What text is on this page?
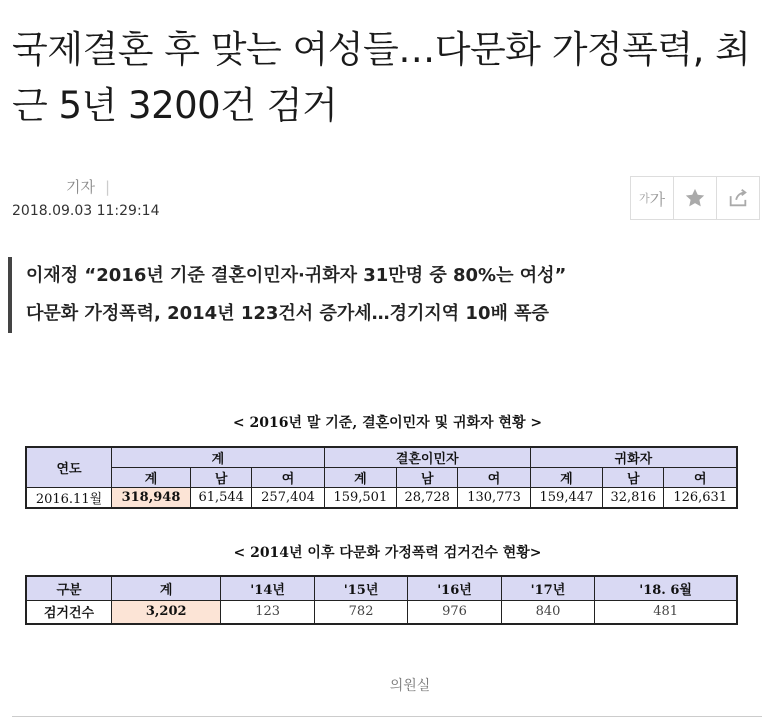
국제결혼 후 맞는 여성들…다문화 가정폭력, 최근 5년 3200건 검거
기자 |
2018.09.03 11:29:14
가 가
이재정 “2016년 기준 결혼이민자·귀화자 31만명 중 80%는 여성”
다문화 가정폭력, 2014년 123건서 증가세…경기지역 10배 폭증
< 2016년 말 기준, 결혼이민자 및 귀화자 현황 >
연도	계			결혼이민자			귀화자		
	계	남	여	계	남	여	계	남	여
2016.11월	318,948	61,544	257,404	159,501	28,728	130,773	159,447	32,816	126,631
< 2014년 이후 다문화 가정폭력 검거건수 현황>
구분	계	'14년	'15년	'16년	'17년	'18. 6월
검거건수	3,202	123	782	976	840	481
의원실
